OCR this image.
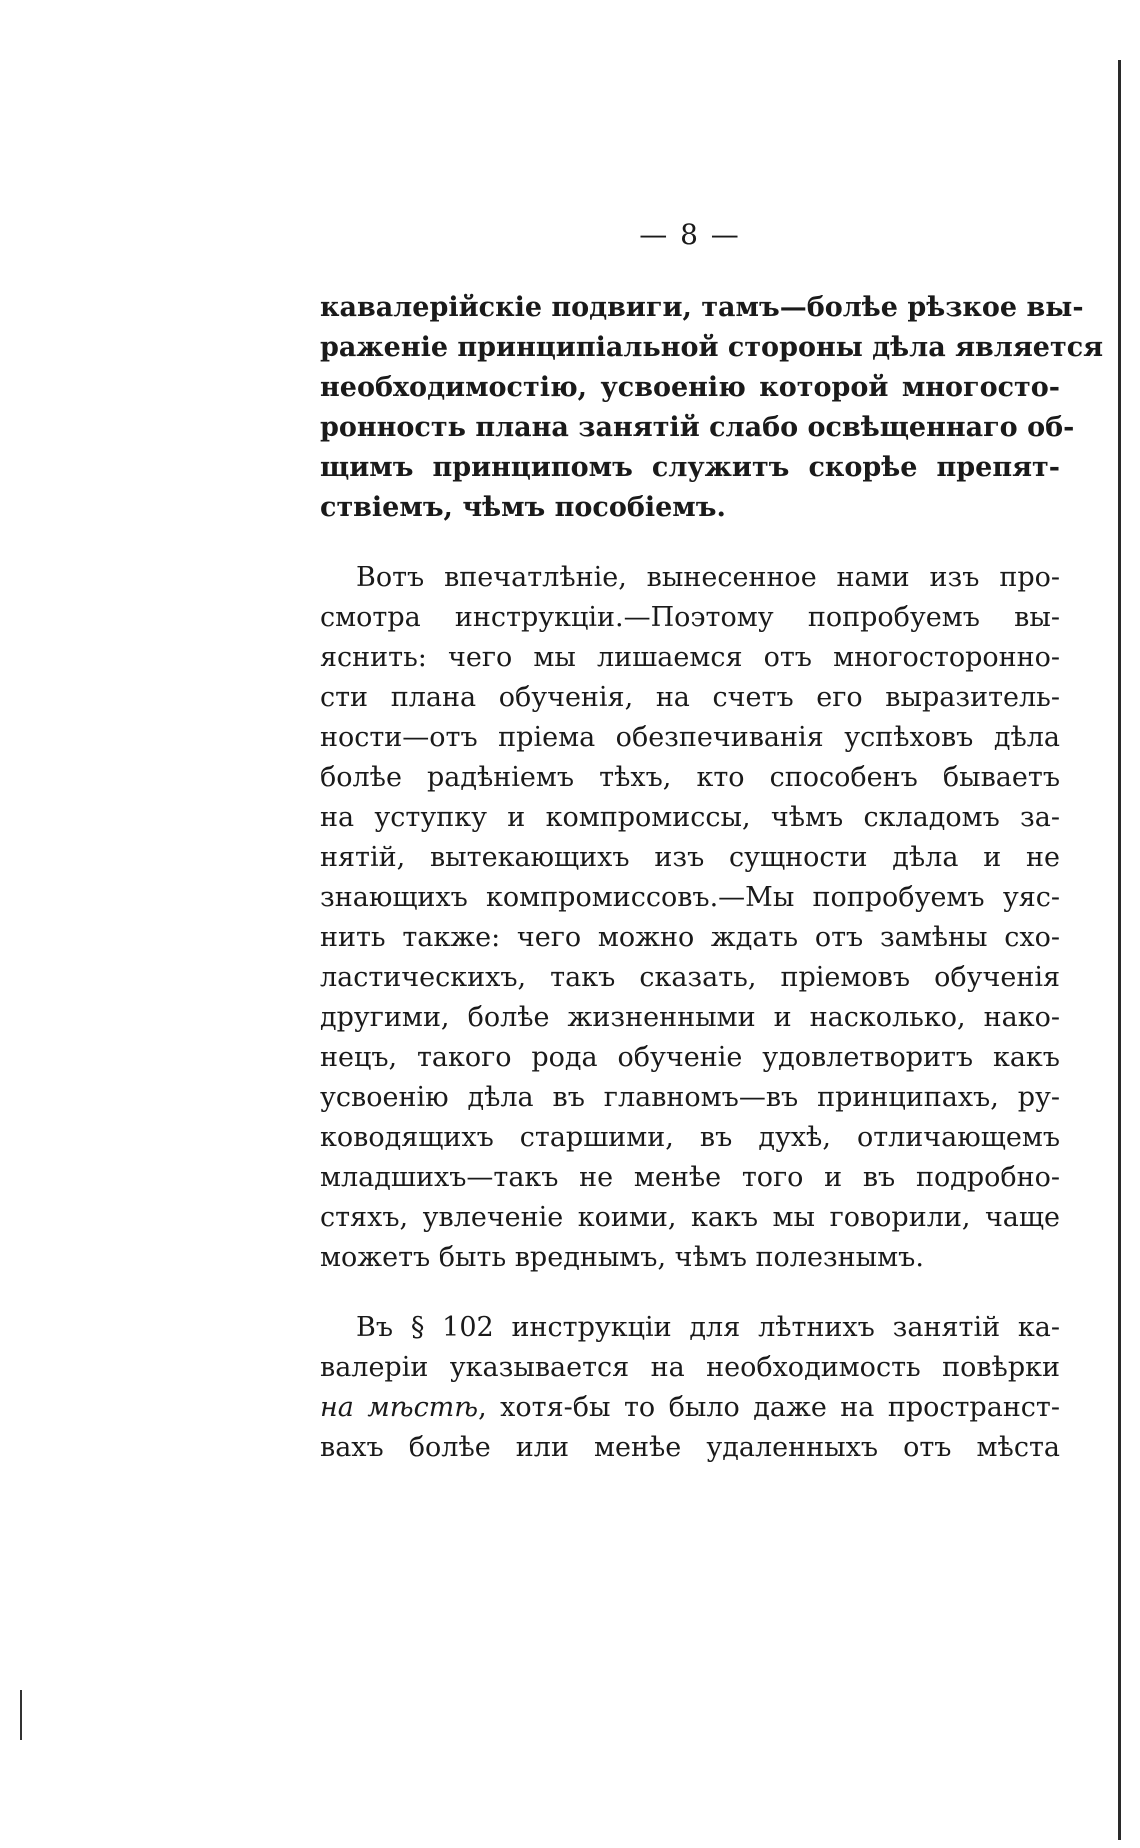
— 8 —
кавалерійскіе подвиги, тамъ—болѣе рѣзкое вы-
раженіе принципіальной стороны дѣла является
необходимостію, усвоенію которой многосто-
ронность плана занятій слабо освѣщеннаго об-
щимъ принципомъ служитъ скорѣе препят-
ствіемъ, чѣмъ пособіемъ.
Вотъ впечатлѣніе, вынесенное нами изъ про-
смотра инструкціи.—Поэтому попробуемъ вы-
яснить: чего мы лишаемся отъ многосторонно-
сти плана обученія, на счетъ его выразитель-
ности—отъ пріема обезпечиванія успѣховъ дѣла
болѣе радѣніемъ тѣхъ, кто способенъ бываетъ
на уступку и компромиссы, чѣмъ складомъ за-
нятій, вытекающихъ изъ сущности дѣла и не
знающихъ компромиссовъ.—Мы попробуемъ уяс-
нить также: чего можно ждать отъ замѣны схо-
ластическихъ, такъ сказать, пріемовъ обученія
другими, болѣе жизненными и насколько, нако-
нецъ, такого рода обученіе удовлетворитъ какъ
усвоенію дѣла въ главномъ—въ принципахъ, ру-
ководящихъ старшими, въ духѣ, отличающемъ
младшихъ—такъ не менѣе того и въ подробно-
стяхъ, увлеченіе коими, какъ мы говорили, чаще
можетъ быть вреднымъ, чѣмъ полезнымъ.
Въ § 102 инструкціи для лѣтнихъ занятій ка-
валеріи указывается на необходимость повѣрки
на мѣстѣ, хотя-бы то было даже на пространст-
вахъ болѣе или менѣе удаленныхъ отъ мѣста
